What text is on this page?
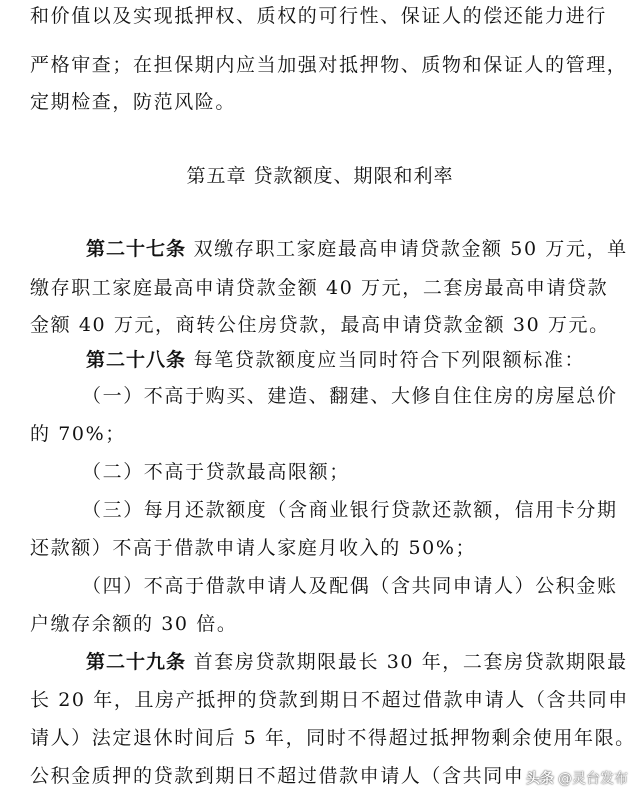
和价值以及实现抵押权、质权的可行性、保证人的偿还能力进行
严格审查；在担保期内应当加强对抵押物、质物和保证人的管理，
定期检查，防范风险。
第五章 贷款额度、期限和利率
第二十七条 双缴存职工家庭最高申请贷款金额 50 万元，单
缴存职工家庭最高申请贷款金额 40 万元，二套房最高申请贷款
金额 40 万元，商转公住房贷款，最高申请贷款金额 30 万元。
第二十八条 每笔贷款额度应当同时符合下列限额标准：
（一）不高于购买、建造、翻建、大修自住住房的房屋总价
的 70%；
（二）不高于贷款最高限额；
（三）每月还款额度（含商业银行贷款还款额，信用卡分期
还款额）不高于借款申请人家庭月收入的 50%；
（四）不高于借款申请人及配偶（含共同申请人）公积金账
户缴存余额的 30 倍。
第二十九条 首套房贷款期限最长 30 年，二套房贷款期限最
长 20 年，且房产抵押的贷款到期日不超过借款申请人（含共同申
请人）法定退休时间后 5 年，同时不得超过抵押物剩余使用年限。
公积金质押的贷款到期日不超过借款申请人（含共同申 头条 @灵台发布
